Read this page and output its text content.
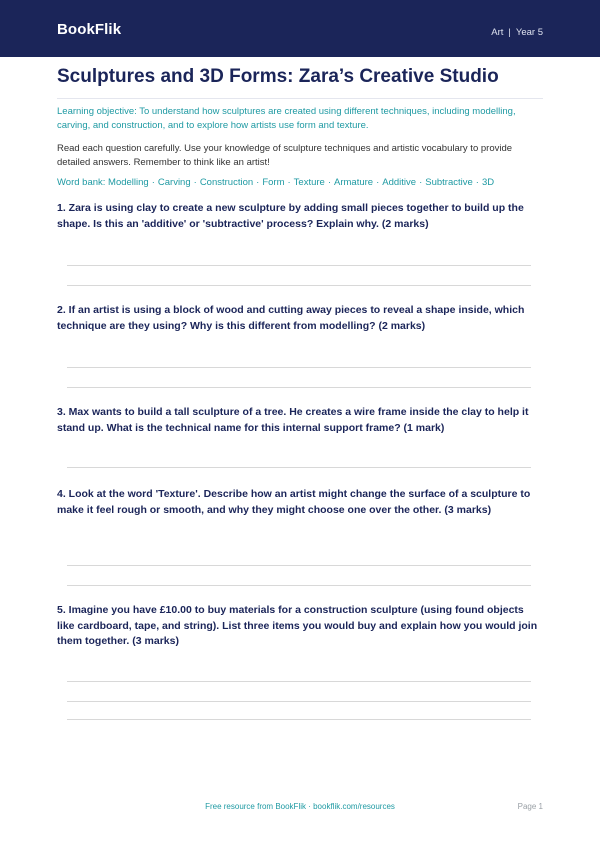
BookFlik	Art | Year 5
Sculptures and 3D Forms: Zara’s Creative Studio
Learning objective: To understand how sculptures are created using different techniques, including modelling, carving, and construction, and to explore how artists use form and texture.
Read each question carefully. Use your knowledge of sculpture techniques and artistic vocabulary to provide detailed answers. Remember to think like an artist!
Word bank: Modelling · Carving · Construction · Form · Texture · Armature · Additive · Subtractive · 3D
1. Zara is using clay to create a new sculpture by adding small pieces together to build up the shape. Is this an 'additive' or 'subtractive' process? Explain why. (2 marks)
2. If an artist is using a block of wood and cutting away pieces to reveal a shape inside, which technique are they using? Why is this different from modelling? (2 marks)
3. Max wants to build a tall sculpture of a tree. He creates a wire frame inside the clay to help it stand up. What is the technical name for this internal support frame? (1 mark)
4. Look at the word 'Texture'. Describe how an artist might change the surface of a sculpture to make it feel rough or smooth, and why they might choose one over the other. (3 marks)
5. Imagine you have £10.00 to buy materials for a construction sculpture (using found objects like cardboard, tape, and string). List three items you would buy and explain how you would join them together. (3 marks)
Free resource from BookFlik · bookflik.com/resources	Page 1
